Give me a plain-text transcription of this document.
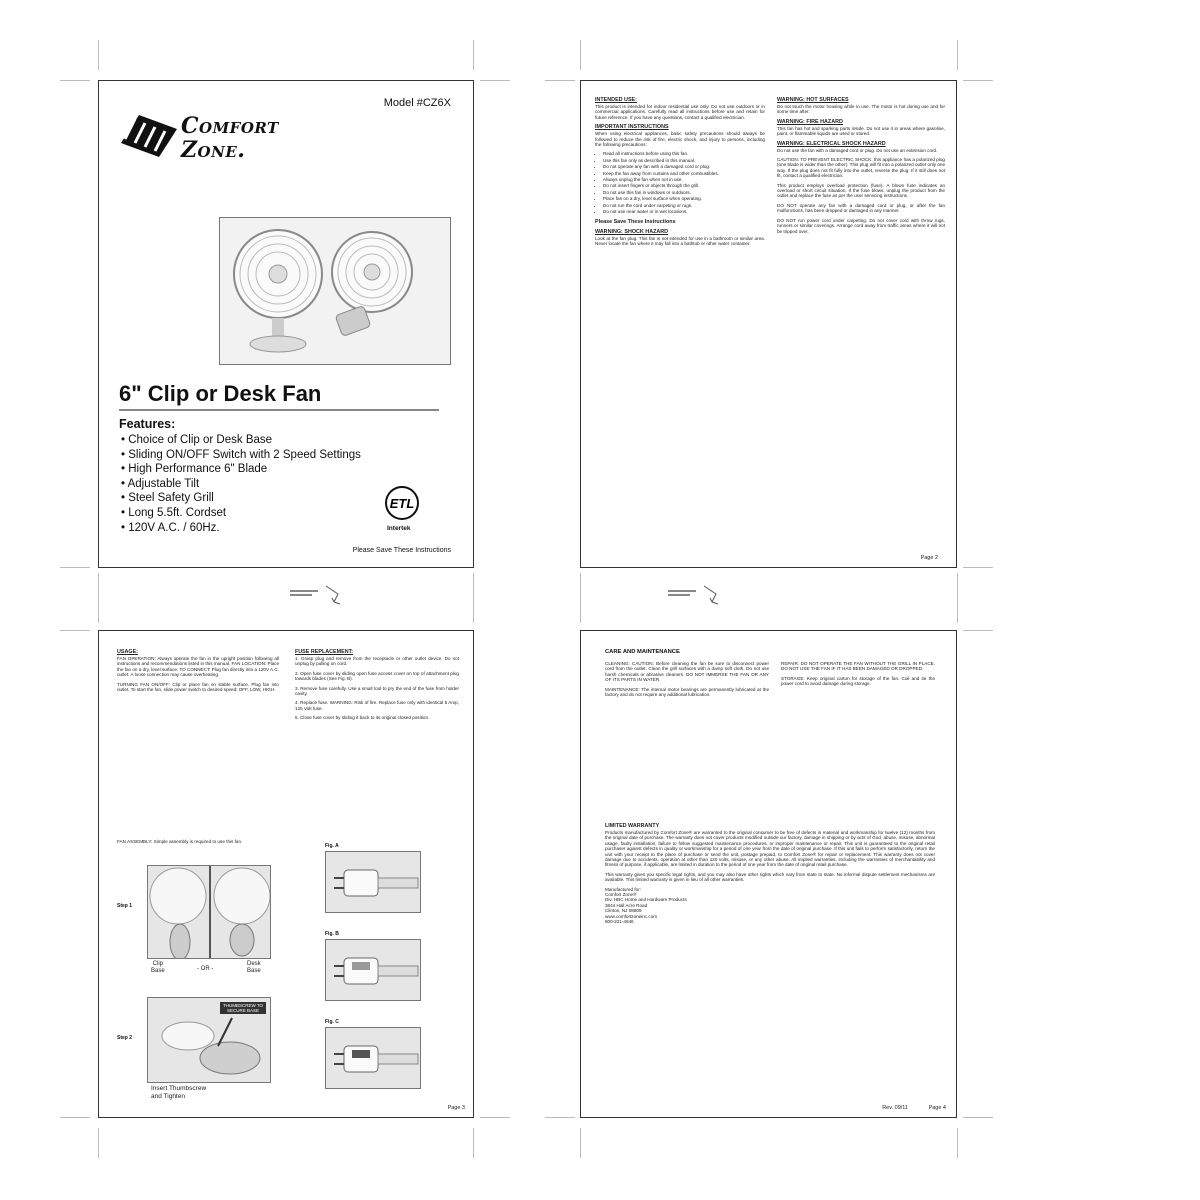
Model #CZ6X
Comfort
Zone.
6" Clip or Desk Fan
Features:
• Choice of Clip or Desk Base
• Sliding ON/OFF Switch with 2 Speed Settings
• High Performance 6" Blade
• Adjustable Tilt
• Steel Safety Grill
• Long 5.5ft. Cordset
• 120V A.C. / 60Hz.
ETL
Intertek
Please Save These Instructions
INTENDED USE:

This product is intended for indoor residential use only. Do not use outdoors or in commercial applications. Carefully read all instructions before use and retain for future reference. If you have any questions, contact a qualified electrician.

IMPORTANT INSTRUCTIONS

When using electrical appliances, basic safety precautions should always be followed to reduce the risk of fire, electric shock, and injury to persons, including the following precautions:

• Read all instructions before using this fan.
• Use this fan only as described in this manual.
• Do not operate any fan with a damaged cord or plug.
• Keep the fan away from curtains and other combustibles.
• Always unplug the fan when not in use.
• Do not insert fingers or objects through the grill.
• Do not use this fan in windows or outdoors.
• Place fan on a dry, level surface when operating.
• Do not run the cord under carpeting or rugs.
• Do not use near water or in wet locations.
Please Save These Instructions
WARNING: SHOCK HAZARD

Look at the fan plug. This fan is not intended for use in a bathroom or similar area. Never locate the fan where it may fall into a bathtub or other water container.

WARNING: HOT SURFACES

Do not touch the motor housing while in use. The motor is hot during use and for some time after.

WARNING: FIRE HAZARD

This fan has hot and sparking parts inside. Do not use it in areas where gasoline, paint, or flammable liquids are used or stored.

WARNING: ELECTRICAL SHOCK HAZARD

Do not use the fan with a damaged cord or plug. Do not use an extension cord.

CAUTION: TO PREVENT ELECTRIC SHOCK, this appliance has a polarized plug (one blade is wider than the other). This plug will fit into a polarized outlet only one way. If the plug does not fit fully into the outlet, reverse the plug. If it still does not fit, contact a qualified electrician.

This product employs overload protection (fuse). A blown fuse indicates an overload or short circuit situation. If the fuse blows, unplug the product from the outlet and replace the fuse as per the user servicing instructions.

DO NOT operate any fan with a damaged cord or plug, or after the fan malfunctions, has been dropped or damaged in any manner.

DO NOT run power cord under carpeting. Do not cover cord with throw rugs, runners or similar coverings. Arrange cord away from traffic areas where it will not be tripped over.

Page 2
USAGE:

FAN OPERATION: Always operate the fan in the upright position following all instructions and recommendations listed in this manual. FAN LOCATION: Place the fan on a dry, level surface. TO CONNECT: Plug fan directly into a 120V A.C. outlet. A loose connection may cause overheating.

TURNING FAN ON/OFF: Clip or place fan on stable surface. Plug fan into outlet. To start the fan, slide power switch to desired speed: OFF, LOW, HIGH.

FUSE REPLACEMENT:

1. Grasp plug and remove from the receptacle or other outlet device. Do not unplug by pulling on cord.

2. Open fuse cover by sliding open fuse access cover on top of attachment plug towards blades (See Fig. B).

3. Remove fuse carefully. Use a small tool to pry the end of the fuse from holder cavity.

4. Replace fuse. WARNING: Risk of fire. Replace fuse only with identical 5 Amp, 125 Volt fuse.

5. Close fuse cover by sliding it back to its original closed position.

FAN ASSEMBLY: Simple assembly is required to use this fan.
Step 1
Clip
Base	- OR -
Desk
Base
Step 2
THUMBSCREW TO SECURE BASE
Insert Thumbscrew
and Tighten
Fig. A
Fig. B
Fig. C
Page 3
CARE AND MAINTENANCE

CLEANING: CAUTION: Before cleaning the fan be sure to disconnect power cord from the outlet. Clean the grill surfaces with a damp soft cloth. Do not use harsh chemicals or abrasive cleaners. DO NOT IMMERSE THE FAN OR ANY OF ITS PARTS IN WATER.

MAINTENANCE: The internal motor bearings are permanently lubricated at the factory and do not require any additional lubrication.

REPAIR: DO NOT OPERATE THE FAN WITHOUT THE GRILL IN PLACE. DO NOT USE THE FAN IF IT HAS BEEN DAMAGED OR DROPPED.

STORAGE: Keep original carton for storage of the fan. Coil and tie the power cord to avoid damage during storage.

LIMITED WARRANTY

Products manufactured by Comfort Zone® are warranted to the original consumer to be free of defects in material and workmanship for twelve (12) months from the original date of purchase. The warranty does not cover products modified outside our factory, damage in shipping or by acts of God, abuse, misuse, abnormal usage, faulty installation, failure to follow suggested maintenance procedures, or improper maintenance or repair. This unit is guaranteed to the original retail purchaser against defects in quality or workmanship for a period of one year from the date of original purchase. If this unit fails to perform satisfactorily, return the unit with your receipt to the place of purchase or send the unit, postage prepaid, to Comfort Zone® for repair or replacement. This warranty does not cover damage due to accidents, operation at other than 120 volts, misuse, or any other abuse. All implied warranties, including the warranties of merchantability and fitness of purpose, if applicable, are limited in duration to the period of one year from the date of original retail purchase.

This warranty gives you specific legal rights, and you may also have other rights which vary from state to state. No informal dispute settlement mechanisms are available. This limited warranty is given in lieu of all other warranties.

Manufactured for:
Comfort Zone®
Div. HBC Home and Hardware Products
3644 Hall Acre Road
Clinton, NJ 08809
www.comfortzoneinc.com
800-221-4646

Rev. 09/11	Page 4
